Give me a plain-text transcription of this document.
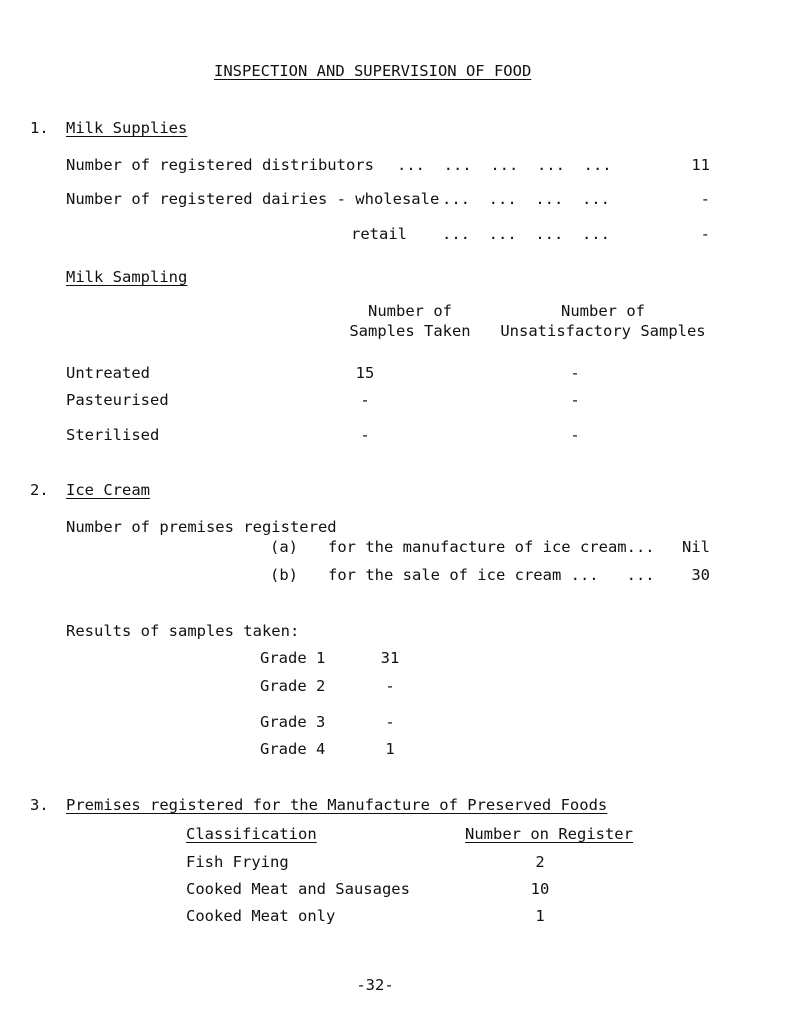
INSPECTION AND SUPERVISION OF FOOD
1. Milk Supplies
Number of registered distributors ...  ...  ...  ...  ...	11
Number of registered dairies - wholesale ...  ...  ...  ...	-
retail ...  ...  ...  ...	-
Milk Sampling
Number of
Samples Taken
Number of
Unsatisfactory Samples
Untreated	15	-
Pasteurised	-	-
Sterilised	-	-
2. Ice Cream
Number of premises registered
(a) for the manufacture of ice cream...	Nil
(b) for the sale of ice cream ...   ...	30
Results of samples taken:
Grade 1	31
Grade 2	-
Grade 3	-
Grade 4	1
3. Premises registered for the Manufacture of Preserved Foods
Classification	Number on Register
Fish Frying	2
Cooked Meat and Sausages	10
Cooked Meat only	1
-32-
